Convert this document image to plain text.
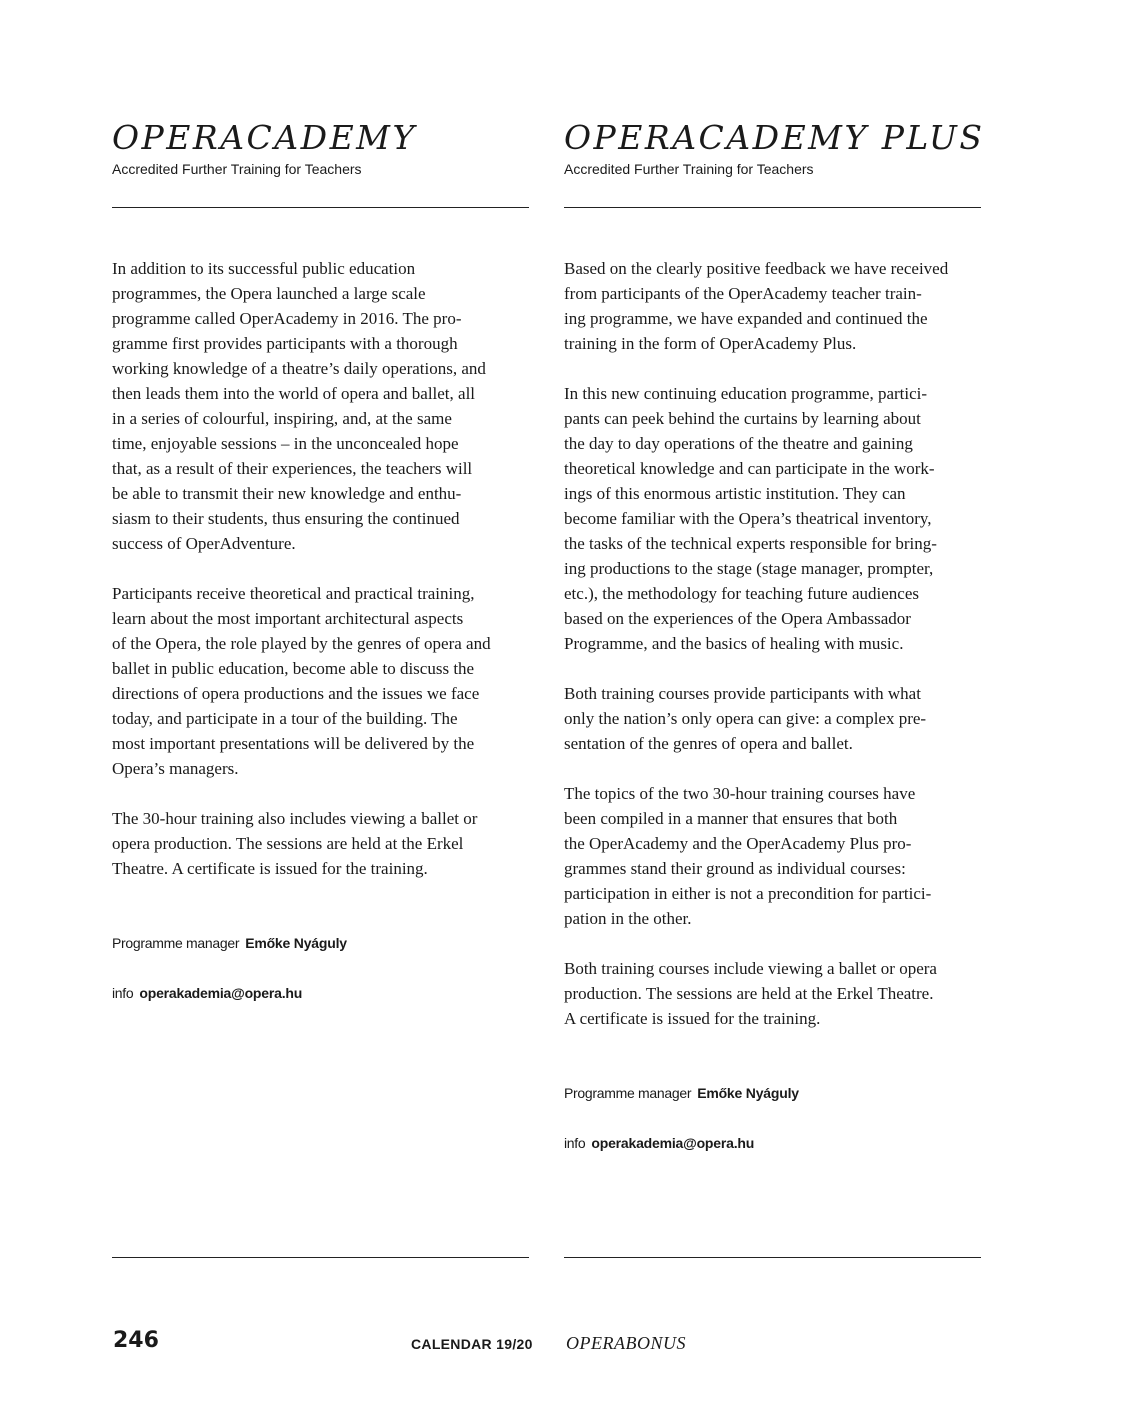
OPERACADEMY
Accredited Further Training for Teachers

In addition to its successful public education
programmes, the Opera launched a large scale
programme called OperAcademy in 2016. The pro-
gramme first provides participants with a thorough
working knowledge of a theatre’s daily operations, and
then leads them into the world of opera and ballet, all
in a series of colourful, inspiring, and, at the same
time, enjoyable sessions – in the unconcealed hope
that, as a result of their experiences, the teachers will
be able to transmit their new knowledge and enthu-
siasm to their students, thus ensuring the continued
success of OperAdventure.

Participants receive theoretical and practical training,
learn about the most important architectural aspects
of the Opera, the role played by the genres of opera and
ballet in public education, become able to discuss the
directions of opera productions and the issues we face
today, and participate in a tour of the building. The
most important presentations will be delivered by the
Opera’s managers.

The 30-hour training also includes viewing a ballet or
opera production. The sessions are held at the Erkel
Theatre. A certificate is issued for the training.

Programme manager Emőke Nyáguly
info operakademia@opera.hu
OPERACADEMY PLUS
Accredited Further Training for Teachers

Based on the clearly positive feedback we have received
from participants of the OperAcademy teacher train-
ing programme, we have expanded and continued the
training in the form of OperAcademy Plus.

In this new continuing education programme, partici-
pants can peek behind the curtains by learning about
the day to day operations of the theatre and gaining
theoretical knowledge and can participate in the work-
ings of this enormous artistic institution. They can
become familiar with the Opera’s theatrical inventory,
the tasks of the technical experts responsible for bring-
ing productions to the stage (stage manager, prompter,
etc.), the methodology for teaching future audiences
based on the experiences of the Opera Ambassador
Programme, and the basics of healing with music.

Both training courses provide participants with what
only the nation’s only opera can give: a complex pre-
sentation of the genres of opera and ballet.

The topics of the two 30-hour training courses have
been compiled in a manner that ensures that both
the OperAcademy and the OperAcademy Plus pro-
grammes stand their ground as individual courses:
participation in either is not a precondition for partici-
pation in the other.

Both training courses include viewing a ballet or opera
production. The sessions are held at the Erkel Theatre.
A certificate is issued for the training.

Programme manager Emőke Nyáguly
info operakademia@opera.hu
246	CALENDAR 19/20 OPERABONUS
